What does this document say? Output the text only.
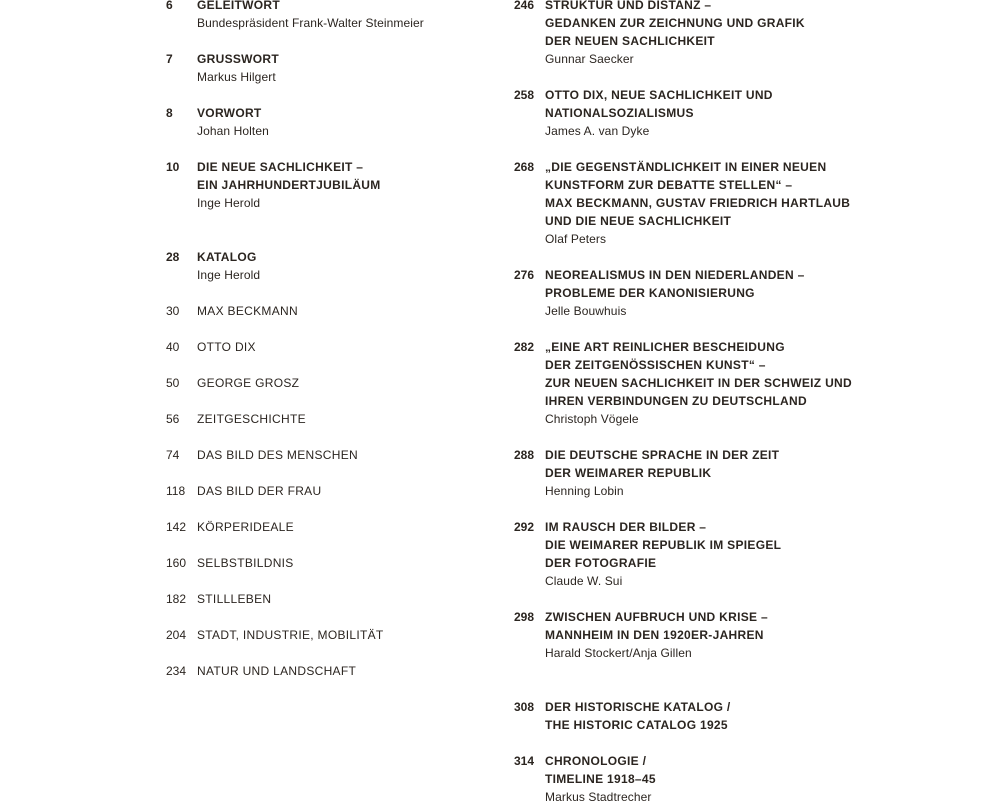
6 GELEITWORT
Bundespräsident Frank-Walter Steinmeier
7 GRUSSWORT
Markus Hilgert
8 VORWORT
Johan Holten
10 DIE NEUE SACHLICHKEIT –
EIN JAHRHUNDERTJUBILÄUM
Inge Herold
28 KATALOG
Inge Herold
30 MAX BECKMANN
40 OTTO DIX
50 GEORGE GROSZ
56 ZEITGESCHICHTE
74 DAS BILD DES MENSCHEN
118 DAS BILD DER FRAU
142 KÖRPERIDEALE
160 SELBSTBILDNIS
182 STILLLEBEN
204 STADT, INDUSTRIE, MOBILITÄT
234 NATUR UND LANDSCHAFT
246 STRUKTUR UND DISTANZ –
GEDANKEN ZUR ZEICHNUNG UND GRAFIK
DER NEUEN SACHLICHKEIT
Gunnar Saecker
258 OTTO DIX, NEUE SACHLICHKEIT UND
NATIONALSOZIALISMUS
James A. van Dyke
268 „DIE GEGENSTÄNDLICHKEIT IN EINER NEUEN
KUNSTFORM ZUR DEBATTE STELLEN“ –
MAX BECKMANN, GUSTAV FRIEDRICH HARTLAUB
UND DIE NEUE SACHLICHKEIT
Olaf Peters
276 NEOREALISMUS IN DEN NIEDERLANDEN –
PROBLEME DER KANONISIERUNG
Jelle Bouwhuis
282 „EINE ART REINLICHER BESCHEIDUNG
DER ZEITGENÖSSISCHEN KUNST“ –
ZUR NEUEN SACHLICHKEIT IN DER SCHWEIZ UND
IHREN VERBINDUNGEN ZU DEUTSCHLAND
Christoph Vögele
288 DIE DEUTSCHE SPRACHE IN DER ZEIT
DER WEIMARER REPUBLIK
Henning Lobin
292 IM RAUSCH DER BILDER –
DIE WEIMARER REPUBLIK IM SPIEGEL
DER FOTOGRAFIE
Claude W. Sui
298 ZWISCHEN AUFBRUCH UND KRISE –
MANNHEIM IN DEN 1920ER-JAHREN
Harald Stockert/Anja Gillen
308 DER HISTORISCHE KATALOG /
THE HISTORIC CATALOG 1925
314 CHRONOLOGIE /
TIMELINE 1918–45
Markus Stadtrecher
